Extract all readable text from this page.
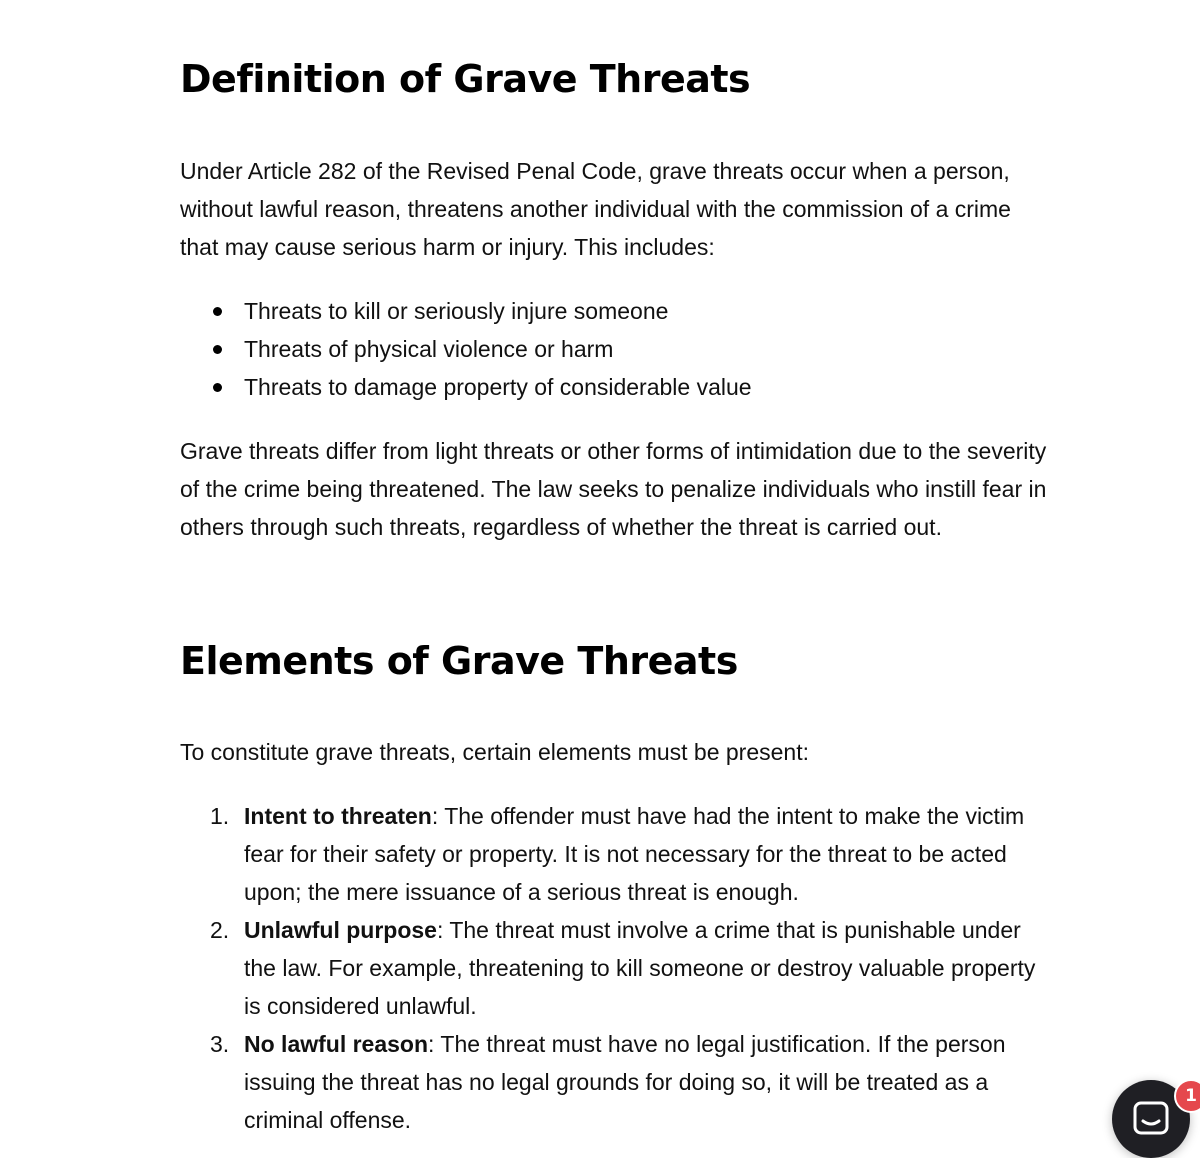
Definition of Grave Threats

Under Article 282 of the Revised Penal Code, grave threats occur when a person, without lawful reason, threatens another individual with the commission of a crime that may cause serious harm or injury. This includes:

Threats to kill or seriously injure someone
Threats of physical violence or harm
Threats to damage property of considerable value

Grave threats differ from light threats or other forms of intimidation due to the severity of the crime being threatened. The law seeks to penalize individuals who instill fear in others through such threats, regardless of whether the threat is carried out.

Elements of Grave Threats

To constitute grave threats, certain elements must be present:

1. Intent to threaten: The offender must have had the intent to make the victim fear for their safety or property. It is not necessary for the threat to be acted upon; the mere issuance of a serious threat is enough.
2. Unlawful purpose: The threat must involve a crime that is punishable under the law. For example, threatening to kill someone or destroy valuable property is considered unlawful.
3. No lawful reason: The threat must have no legal justification. If the person issuing the threat has no legal grounds for doing so, it will be treated as a criminal offense.
1
